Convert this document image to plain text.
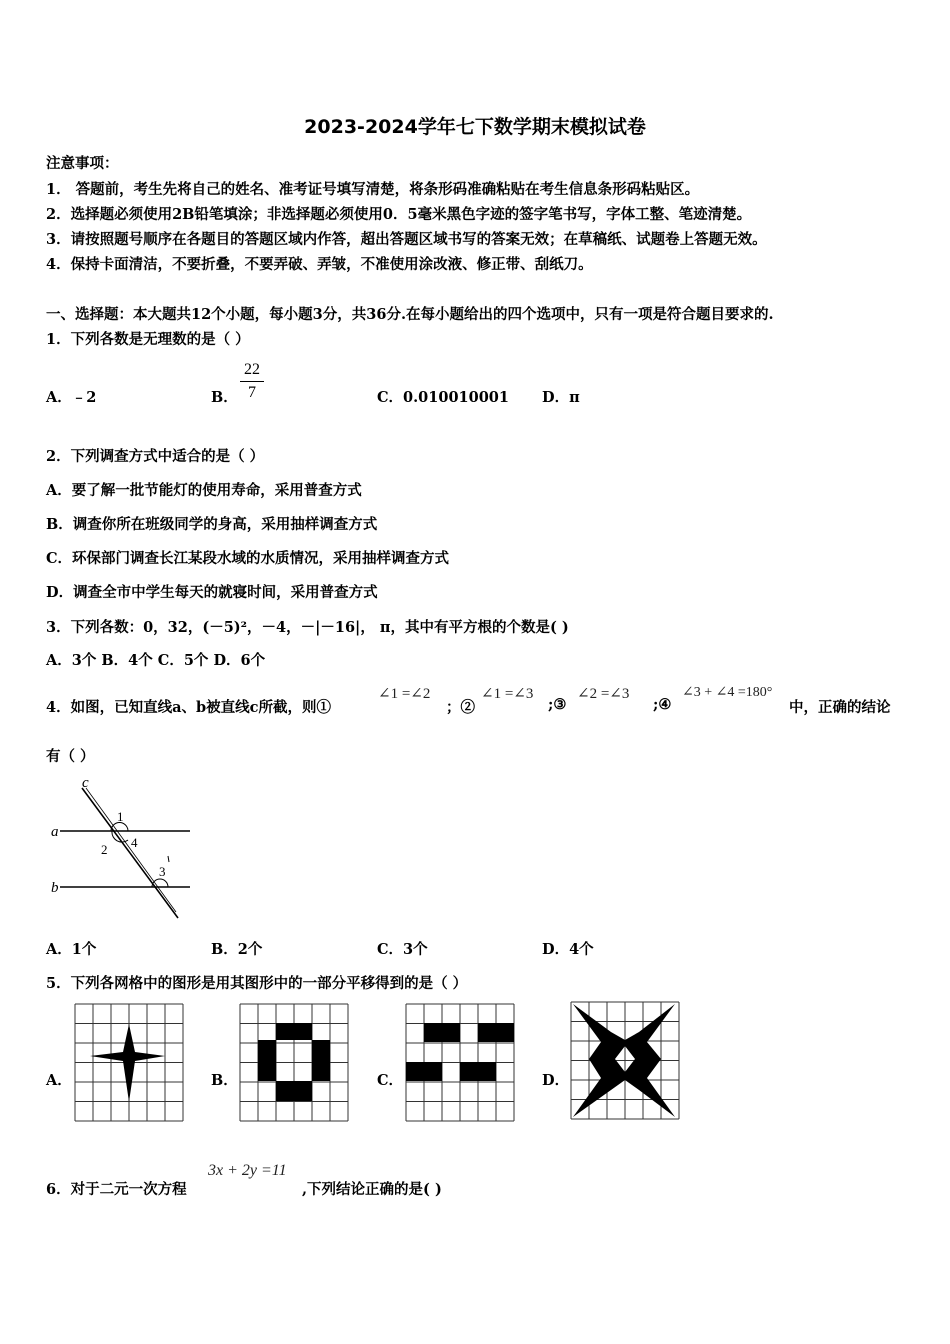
2023-2024学年七下数学期末模拟试卷
注意事项：
1． 答题前，考生先将自己的姓名、准考证号填写清楚，将条形码准确粘贴在考生信息条形码粘贴区。
2．选择题必须使用2B铅笔填涂；非选择题必须使用0．5毫米黑色字迹的签字笔书写，字体工整、笔迹清楚。
3．请按照题号顺序在各题目的答题区域内作答，超出答题区域书写的答案无效；在草稿纸、试题卷上答题无效。
4．保持卡面清洁，不要折叠，不要弄破、弄皱，不准使用涂改液、修正带、刮纸刀。
一、选择题：本大题共12个小题，每小题3分，共36分.在每小题给出的四个选项中，只有一项是符合题目要求的.
1．下列各数是无理数的是（ ）
A．﹣2	B．
22
7	C．0.010010001 D．π
2．下列调查方式中适合的是（ ）
A．要了解一批节能灯的使用寿命，采用普查方式
B．调查你所在班级同学的身高，采用抽样调查方式
C．环保部门调查长江某段水域的水质情况，采用抽样调查方式
D．调查全市中学生每天的就寝时间，采用普查方式
3．下列各数：0，32，(－5)²，－4，－|－16|， π，其中有平方根的个数是( )
A．3个 B．4个 C．5个 D．6个
4．如图，已知直线a、b被直线c所截，则①
∠1 =∠2
；②
∠1 =∠3
;③
∠2 =∠3
;④
∠3 + ∠4 =180°
中，正确的结论
有（ ）
c
a
b
1
2 4
3
A．1个	B．2个	C．3个	D．4个
5．下列各网格中的图形是用其图形中的一部分平移得到的是（ ）
A．	B．	C．	D．
6．对于二元一次方程
3x + 2y =11
,下列结论正确的是( )
